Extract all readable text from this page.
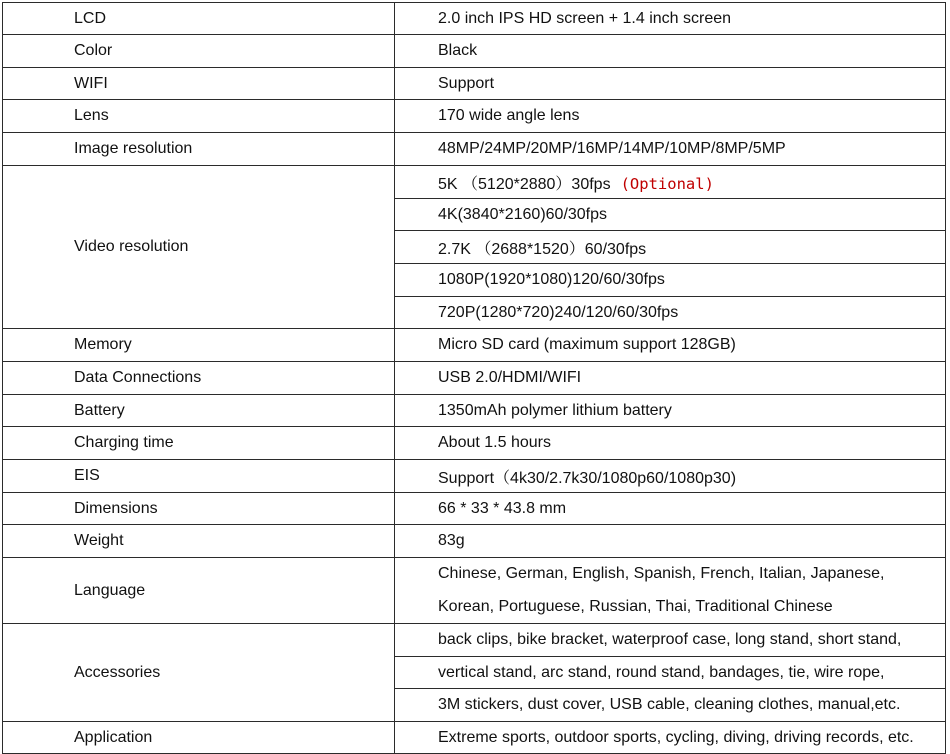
LCD	2.0 inch IPS HD screen + 1.4 inch screen
Color	Black
WIFI	Support
Lens	170 wide angle lens
Image resolution	48MP/24MP/20MP/16MP/14MP/10MP/8MP/5MP
Video resolution	5K （5120*2880）30fps (Optional)
	4K(3840*2160)60/30fps
	2.7K （2688*1520）60/30fps
	1080P(1920*1080)120/60/30fps
	720P(1280*720)240/120/60/30fps
Memory	Micro SD card (maximum support 128GB)
Data Connections	USB 2.0/HDMI/WIFI
Battery	1350mAh polymer lithium battery
Charging time	About 1.5 hours
EIS	Support（4k30/2.7k30/1080p60/1080p30)
Dimensions	66 * 33 * 43.8 mm
Weight	83g
Language	Chinese, German, English, Spanish, French, Italian, Japanese,
Korean, Portuguese, Russian, Thai, Traditional Chinese

Accessories	back clips, bike bracket, waterproof case, long stand, short stand,
	vertical stand, arc stand, round stand, bandages, tie, wire rope,
	3M stickers, dust cover, USB cable, cleaning clothes, manual,etc.
Application	Extreme sports, outdoor sports, cycling, diving, driving records, etc.
